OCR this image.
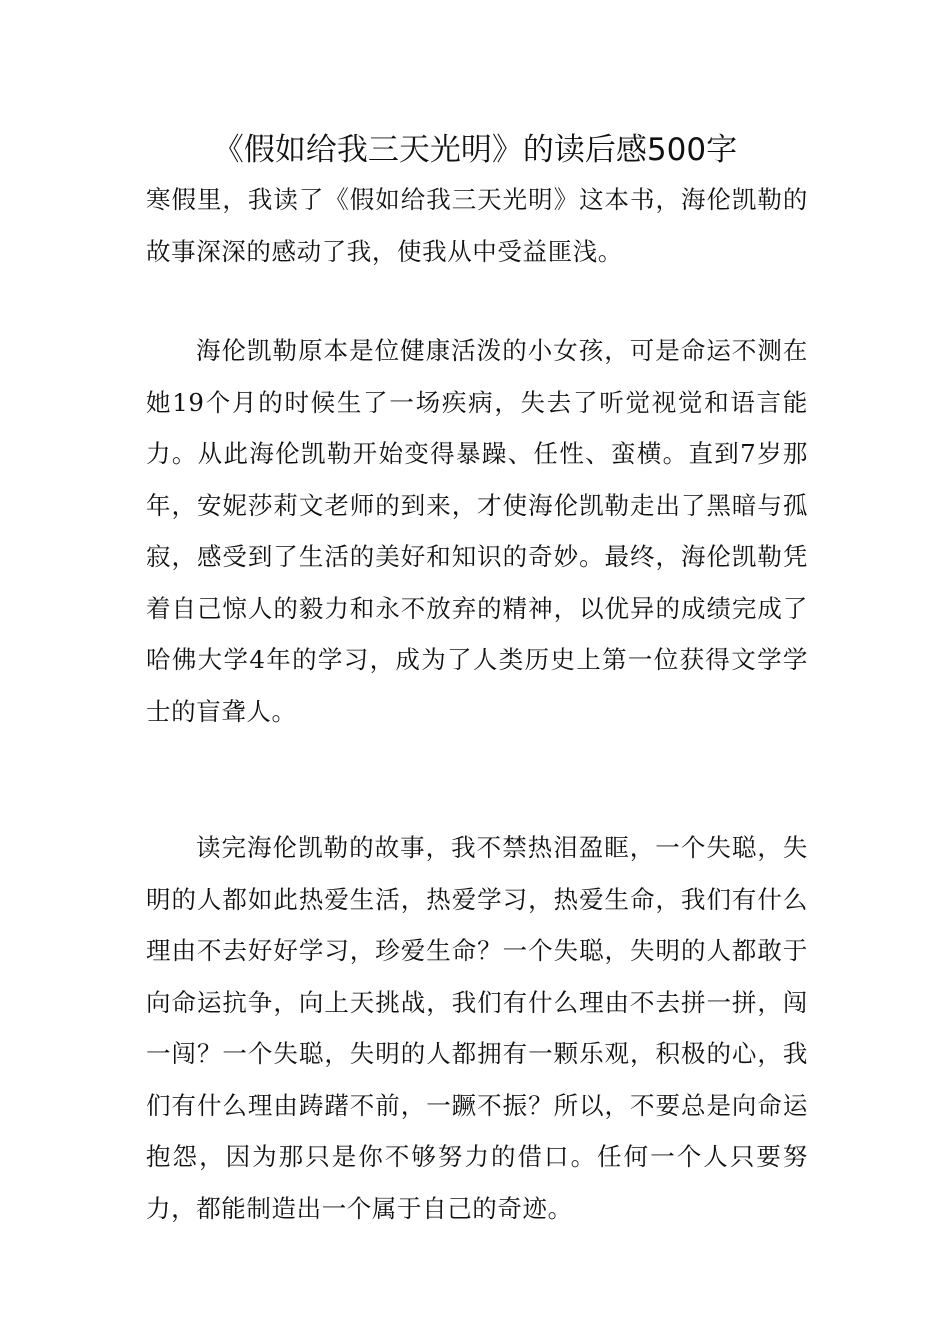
《假如给我三天光明》的读后感500字

寒假里，我读了《假如给我三天光明》这本书，海伦凯勒的故事深深的感动了我，使我从中受益匪浅。

海伦凯勒原本是位健康活泼的小女孩，可是命运不测在她19个月的时候生了一场疾病，失去了听觉视觉和语言能力。从此海伦凯勒开始变得暴躁、任性、蛮横。直到7岁那年，安妮莎莉文老师的到来，才使海伦凯勒走出了黑暗与孤寂，感受到了生活的美好和知识的奇妙。最终，海伦凯勒凭着自己惊人的毅力和永不放弃的精神，以优异的成绩完成了哈佛大学4年的学习，成为了人类历史上第一位获得文学学士的盲聋人。

读完海伦凯勒的故事，我不禁热泪盈眶，一个失聪，失明的人都如此热爱生活，热爱学习，热爱生命，我们有什么理由不去好好学习，珍爱生命？一个失聪，失明的人都敢于向命运抗争，向上天挑战，我们有什么理由不去拼一拼，闯一闯？一个失聪，失明的人都拥有一颗乐观，积极的心，我们有什么理由踌躇不前，一蹶不振？所以，不要总是向命运抱怨，因为那只是你不够努力的借口。任何一个人只要努力，都能制造出一个属于自己的奇迹。
